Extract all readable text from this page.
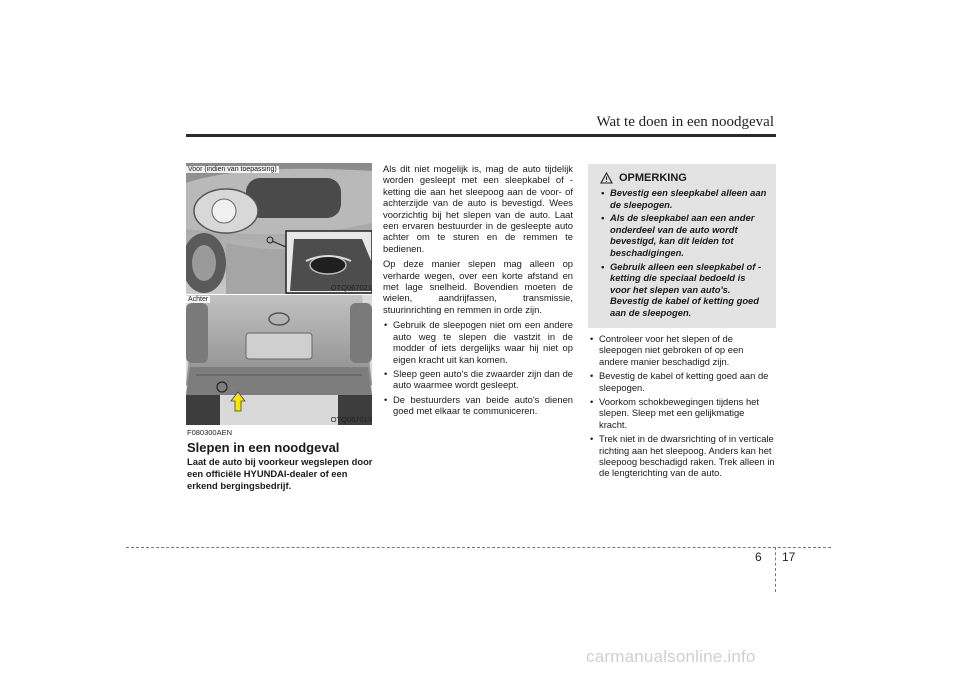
Wat te doen in een noodgeval
Voor (indien van toepassing)
OTQ067021
Achter
OTQ067013
F080300AEN
Slepen in een noodgeval

Laat de auto bij voorkeur wegslepen door een officiële HYUNDAI-dealer of een erkend bergingsbedrijf.

Als dit niet mogelijk is, mag de auto tijdelijk worden gesleept met een sleepkabel of -ketting die aan het sleepoog aan de voor- of achterzijde van de auto is bevestigd. Wees voorzichtig bij het slepen van de auto. Laat een ervaren bestuurder in de gesleepte auto achter om te sturen en de remmen te bedienen.

Op deze manier slepen mag alleen op verharde wegen, over een korte afstand en met lage snelheid. Bovendien moeten de wielen, aandrijfassen, transmissie, stuurinrichting en remmen in orde zijn.

• Gebruik de sleepogen niet om een andere auto weg te slepen die vastzit in de modder of iets dergelijks waar hij niet op eigen kracht uit kan komen.
• Sleep geen auto's die zwaarder zijn dan de auto waarmee wordt gesleept.
• De bestuurders van beide auto's dienen goed met elkaar te communiceren.
OPMERKING
• Bevestig een sleepkabel alleen aan de sleepogen.
• Als de sleepkabel aan een ander onderdeel van de auto wordt bevestigd, kan dit leiden tot beschadigingen.
• Gebruik alleen een sleepkabel of -ketting die speciaal bedoeld is voor het slepen van auto's. Bevestig de kabel of ketting goed aan de sleepogen.
• Controleer voor het slepen of de sleepogen niet gebroken of op een andere manier beschadigd zijn.
• Bevestig de kabel of ketting goed aan de sleepogen.
• Voorkom schokbewegingen tijdens het slepen. Sleep met een gelijkmatige kracht.
• Trek niet in de dwarsrichting of in verticale richting aan het sleepoog. Anders kan het sleepoog beschadigd raken. Trek alleen in de lengterichting van de auto.
6 17
carmanualsonline.info
